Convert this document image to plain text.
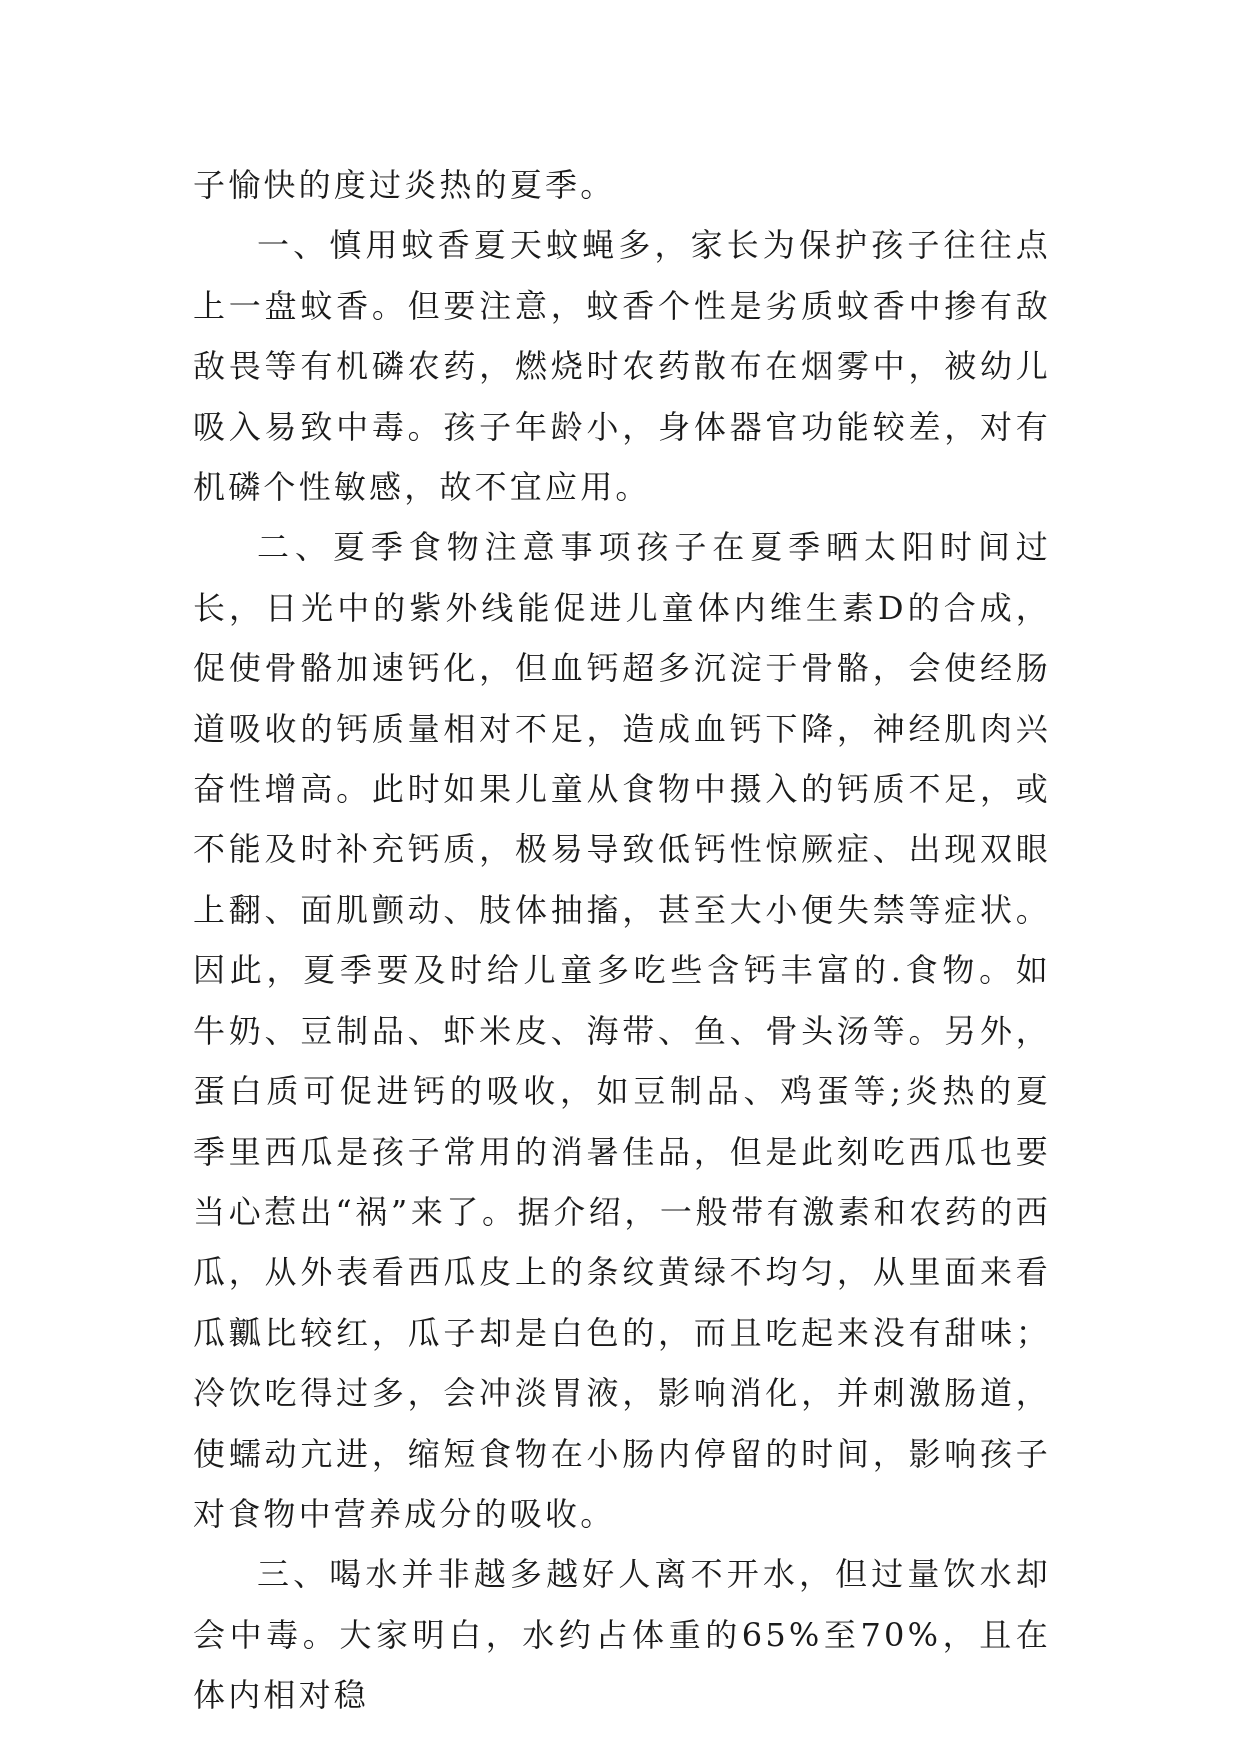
子愉快的度过炎热的夏季。

一、慎用蚊香夏天蚊蝇多，家长为保护孩子往往点上一盘蚊香。但要注意，蚊香个性是劣质蚊香中掺有敌敌畏等有机磷农药，燃烧时农药散布在烟雾中，被幼儿吸入易致中毒。孩子年龄小，身体器官功能较差，对有机磷个性敏感，故不宜应用。

二、夏季食物注意事项孩子在夏季晒太阳时间过长，日光中的紫外线能促进儿童体内维生素D的合成，促使骨骼加速钙化，但血钙超多沉淀于骨骼，会使经肠道吸收的钙质量相对不足，造成血钙下降，神经肌肉兴奋性增高。此时如果儿童从食物中摄入的钙质不足，或不能及时补充钙质，极易导致低钙性惊厥症、出现双眼上翻、面肌颤动、肢体抽搐，甚至大小便失禁等症状。因此，夏季要及时给儿童多吃些含钙丰富的.食物。如牛奶、豆制品、虾米皮、海带、鱼、骨头汤等。另外，蛋白质可促进钙的吸收，如豆制品、鸡蛋等;炎热的夏季里西瓜是孩子常用的消暑佳品，但是此刻吃西瓜也要当心惹出“祸”来了。据介绍，一般带有激素和农药的西瓜，从外表看西瓜皮上的条纹黄绿不均匀，从里面来看瓜瓤比较红，瓜子却是白色的，而且吃起来没有甜味；冷饮吃得过多，会冲淡胃液，影响消化，并刺激肠道，使蠕动亢进，缩短食物在小肠内停留的时间，影响孩子对食物中营养成分的吸收。

三、喝水并非越多越好人离不开水，但过量饮水却会中毒。大家明白，水约占体重的65%至70%，且在体内相对稳
